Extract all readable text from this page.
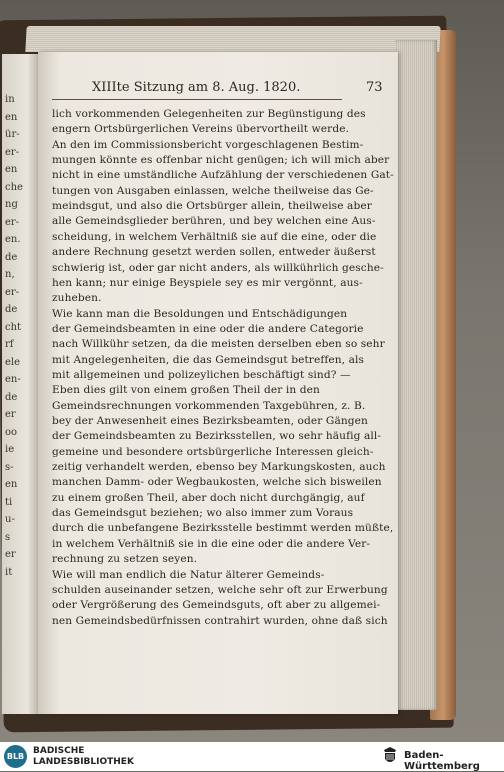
in
en
ür-
er-
en
che
ng
er-
en.
de
n,
er-
de
cht
rf
ele
en-
de
er
oo
ie
s-
en
ti
u-
s
er
it
XIIIte Sitzung am 8. Aug. 1820.	73
lich vorkommenden Gelegenheiten zur Begünstigung des
engern Ortsbürgerlichen Vereins übervortheilt werde.
An den im Commissionsbericht vorgeschlagenen Bestim-
mungen könnte es offenbar nicht genügen; ich will mich aber
nicht in eine umständliche Aufzählung der verschiedenen Gat-
tungen von Ausgaben einlassen, welche theilweise das Ge-
meindsgut, und also die Ortsbürger allein, theilweise aber
alle Gemeindsglieder berühren, und bey welchen eine Aus-
scheidung, in welchem Verhältniß sie auf die eine, oder die
andere Rechnung gesetzt werden sollen, entweder äußerst
schwierig ist, oder gar nicht anders, als willkührlich gesche-
hen kann; nur einige Beyspiele sey es mir vergönnt, aus-
zuheben.
Wie kann man die Besoldungen und Entschädigungen
der Gemeindsbeamten in eine oder die andere Categorie
nach Willkühr setzen, da die meisten derselben eben so sehr
mit Angelegenheiten, die das Gemeindsgut betreffen, als
mit allgemeinen und polizeylichen beschäftigt sind? —
Eben dies gilt von einem großen Theil der in den
Gemeindsrechnungen vorkommenden Taxgebühren, z. B.
bey der Anwesenheit eines Bezirksbeamten, oder Gängen
der Gemeindsbeamten zu Bezirksstellen, wo sehr häufig all-
gemeine und besondere ortsbürgerliche Interessen gleich-
zeitig verhandelt werden, ebenso bey Markungskosten, auch
manchen Damm- oder Wegbaukosten, welche sich bisweilen
zu einem großen Theil, aber doch nicht durchgängig, auf
das Gemeindsgut beziehen; wo also immer zum Voraus
durch die unbefangene Bezirksstelle bestimmt werden müßte,
in welchem Verhältniß sie in die eine oder die andere Ver-
rechnung zu setzen seyen.
Wie will man endlich die Natur älterer Gemeinds-
schulden auseinander setzen, welche sehr oft zur Erwerbung
oder Vergrößerung des Gemeindsguts, oft aber zu allgemei-
nen Gemeindsbedürfnissen contrahirt wurden, ohne daß sich
BLB
BADISCHE
LANDESBIBLIOTHEK
Baden-Württemberg
